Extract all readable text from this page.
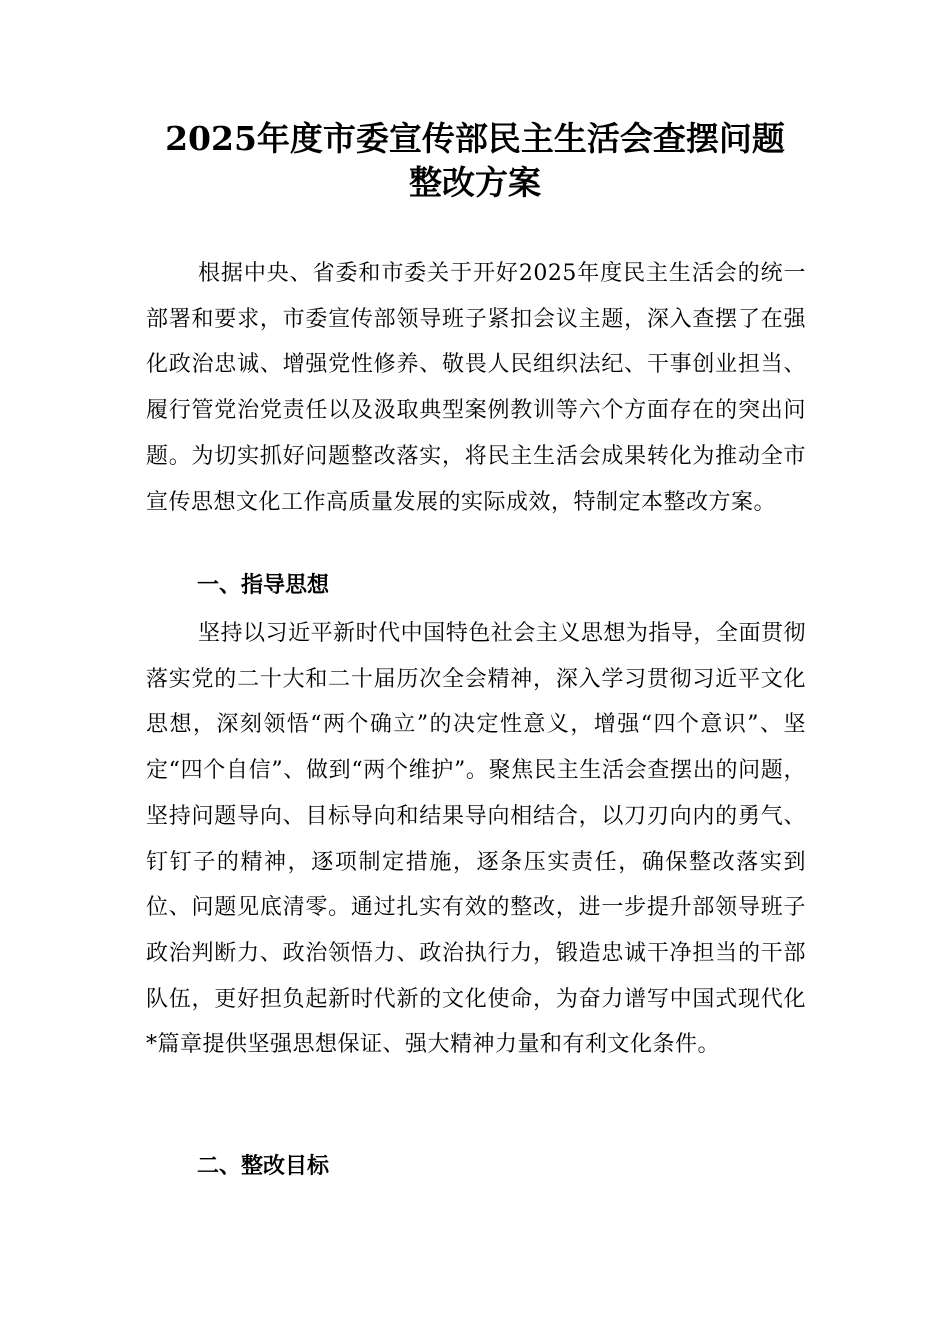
2025年度市委宣传部民主生活会查摆问题
整改方案

根据中央、省委和市委关于开好2025年度民主生活会的统一部署和要求，市委宣传部领导班子紧扣会议主题，深入查摆了在强化政治忠诚、增强党性修养、敬畏人民组织法纪、干事创业担当、履行管党治党责任以及汲取典型案例教训等六个方面存在的突出问题。为切实抓好问题整改落实，将民主生活会成果转化为推动全市宣传思想文化工作高质量发展的实际成效，特制定本整改方案。

一、指导思想

坚持以习近平新时代中国特色社会主义思想为指导，全面贯彻落实党的二十大和二十届历次全会精神，深入学习贯彻习近平文化思想，深刻领悟“两个确立”的决定性意义，增强“四个意识”、坚定“四个自信”、做到“两个维护”。聚焦民主生活会查摆出的问题，坚持问题导向、目标导向和结果导向相结合，以刀刃向内的勇气、钉钉子的精神，逐项制定措施，逐条压实责任，确保整改落实到位、问题见底清零。通过扎实有效的整改，进一步提升部领导班子政治判断力、政治领悟力、政治执行力，锻造忠诚干净担当的干部队伍，更好担负起新时代新的文化使命，为奋力谱写中国式现代化*篇章提供坚强思想保证、强大精神力量和有利文化条件。

二、整改目标
